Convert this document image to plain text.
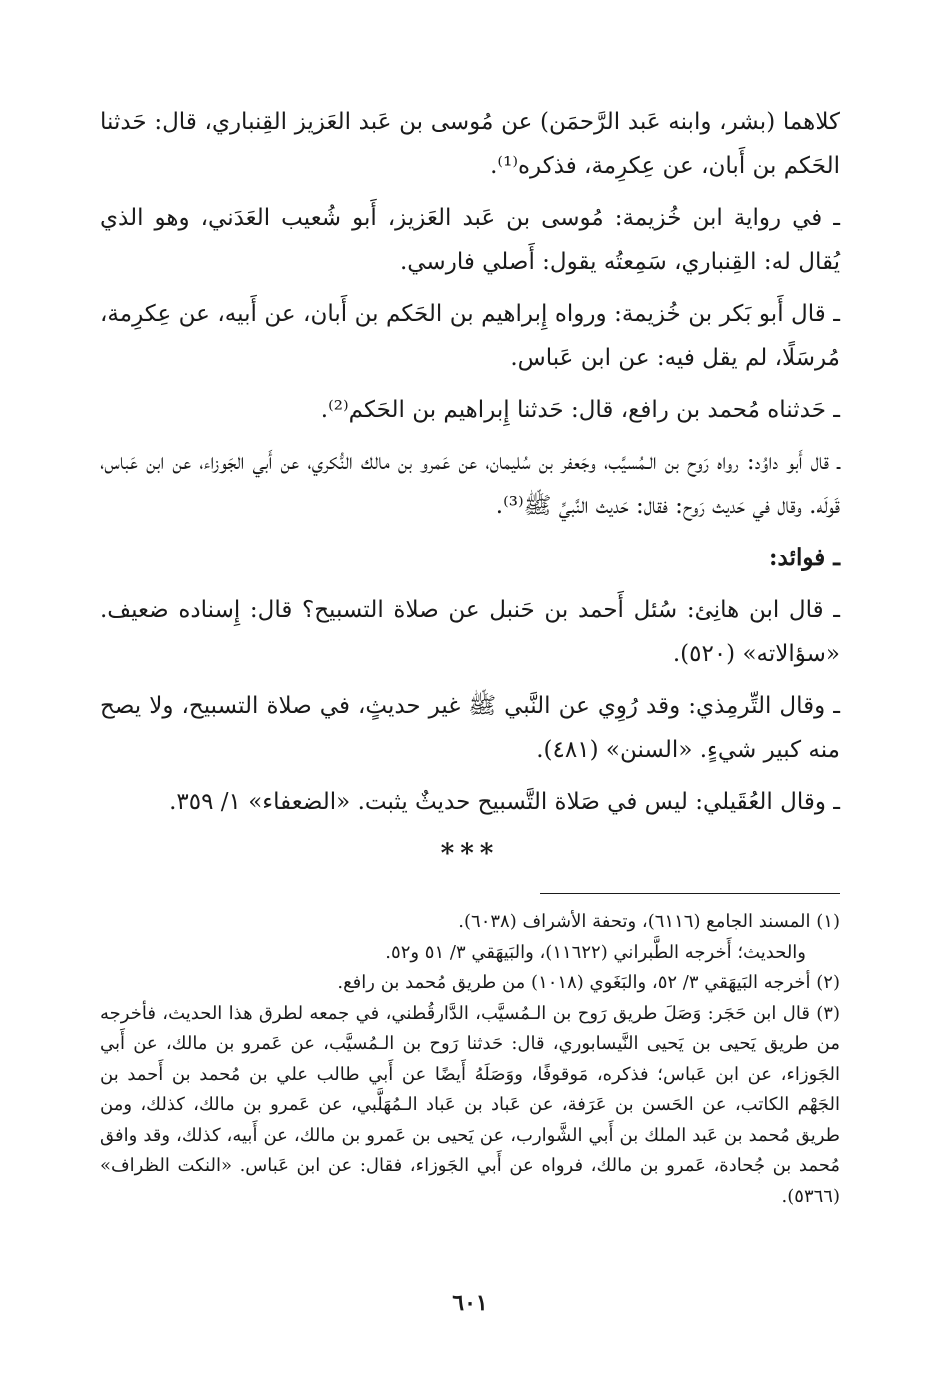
كلاهما (بشر، وابنه عَبد الرَّحمَن) عن مُوسى بن عَبد العَزيز القِنباري، قال: حَدثنا الحَكم بن أَبان، عن عِكرِمة، فذكره⁽¹⁾.

ـ في رواية ابن خُزيمة: مُوسى بن عَبد العَزيز، أَبو شُعيب العَدَني، وهو الذي يُقال له: القِنباري، سَمِعتُه يقول: أَصلي فارسي.

ـ قال أَبو بَكر بن خُزيمة: ورواه إِبراهيم بن الحَكم بن أَبان، عن أَبيه، عن عِكرِمة، مُرسَلًا، لم يقل فيه: عن ابن عَباس.

ـ حَدثناه مُحمد بن رافع، قال: حَدثنا إِبراهيم بن الحَكم⁽²⁾.

ـ قال أَبو داوُد: رواه رَوح بن الـمُسيَّب، وجَعفر بن سُليمان، عن عَمرو بن مالك النُّكري، عن أَبي الجَوزاء، عن ابن عَباس، قَولَه. وقال في حَديث رَوح: فقال: حَديث النَّبيِّ ﷺ⁽³⁾.

ـ فوائد:

ـ قال ابن هانِئ: سُئل أَحمد بن حَنبل عن صلاة التسبيح؟ قال: إِسناده ضعيف. «سؤالاته» (٥٢٠).

ـ وقال التِّرمِذي: وقد رُوِي عن النَّبي ﷺ غير حديثٍ، في صلاة التسبيح، ولا يصح منه كبير شيءٍ. «السنن» (٤٨١).

ـ وقال العُقَيلي: ليس في صَلاة التَّسبيح حديثٌ يثبت. «الضعفاء» ١/ ٣٥٩.

***

(١) المسند الجامع (٦١١٦)، وتحفة الأشراف (٦٠٣٨).

والحديث؛ أَخرجه الطَّبراني (١١٦٢٢)، والبَيهَقي ٣/ ٥١ و٥٢.

(٢) أخرجه البَيهَقي ٣/ ٥٢، والبَغَوي (١٠١٨) من طريق مُحمد بن رافع.

(٣) قال ابن حَجَر: وَصَلَ طريق رَوح بن الـمُسيَّب، الدَّارقُطني، في جمعه لطرق هذا الحديث، فأخرجه من طريق يَحيى بن يَحيى النَّيسابوري، قال: حَدثنا رَوح بن الـمُسيَّب، عن عَمرو بن مالك، عن أَبي الجَوزاء، عن ابن عَباس؛ فذكره، مَوقوفًا، ووَصَلَهُ أَيضًا عن أَبي طالب علي بن مُحمد بن أَحمد بن الجَهْم الكاتب، عن الحَسن بن عَرَفة، عن عَباد بن عَباد الـمُهَلَّبي، عن عَمرو بن مالك، كذلك، ومن طريق مُحمد بن عَبد الملك بن أَبي الشَّوارب، عن يَحيى بن عَمرو بن مالك، عن أَبيه، كذلك، وقد وافق مُحمد بن جُحادة، عَمرو بن مالك، فرواه عن أَبي الجَوزاء، فقال: عن ابن عَباس. «النكت الظراف» (٥٣٦٦).

٦٠١
